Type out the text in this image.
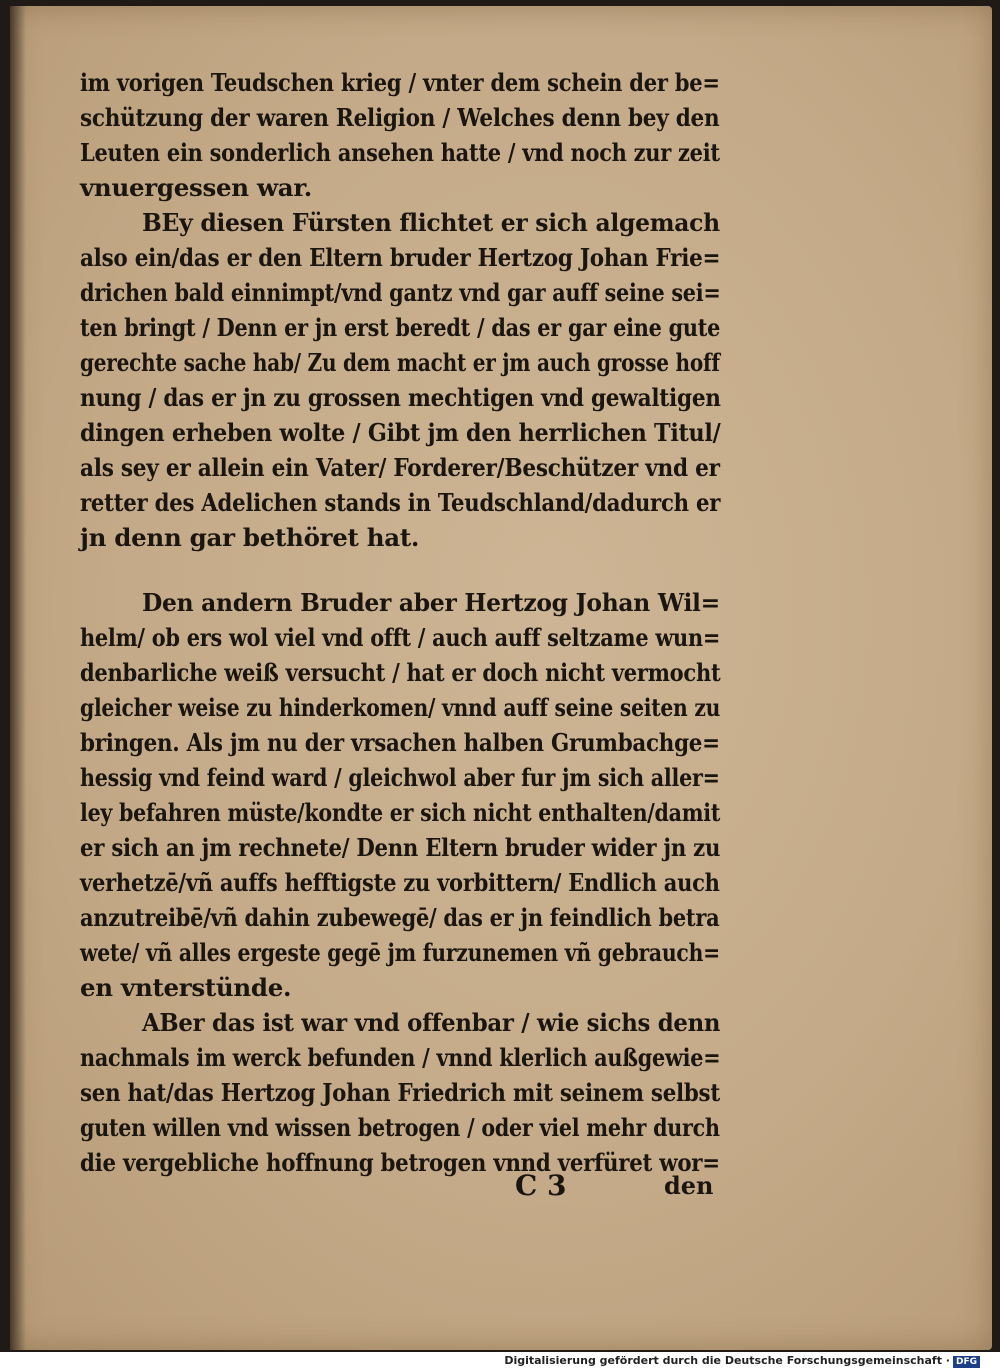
im vorigen Teudschen krieg / vnter dem schein der be=
schützung der waren Religion / Welches denn bey den
Leuten ein sonderlich ansehen hatte / vnd noch zur zeit
vnuergessen war.
BEy diesen Fürsten flichtet er sich algemach
also ein/das er den Eltern bruder Hertzog Johan Frie=
drichen bald einnimpt/vnd gantz vnd gar auff seine sei=
ten bringt / Denn er jn erst beredt / das er gar eine gute
gerechte sache hab/ Zu dem macht er jm auch grosse hoff
nung / das er jn zu grossen mechtigen vnd gewaltigen
dingen erheben wolte / Gibt jm den herrlichen Titul/
als sey er allein ein Vater/ Forderer/Beschützer vnd er
retter des Adelichen stands in Teudschland/dadurch er
jn denn gar bethöret hat.
Den andern Bruder aber Hertzog Johan Wil=
helm/ ob ers wol viel vnd offt / auch auff seltzame wun=
denbarliche weiß versucht / hat er doch nicht vermocht
gleicher weise zu hinderkomen/ vnnd auff seine seiten zu
bringen. Als jm nu der vrsachen halben Grumbachge=
hessig vnd feind ward / gleichwol aber fur jm sich aller=
ley befahren müste/kondte er sich nicht enthalten/damit
er sich an jm rechnete/ Denn Eltern bruder wider jn zu
verhetzē/vñ auffs hefftigste zu vorbittern/ Endlich auch
anzutreibē/vñ dahin zubewegē/ das er jn feindlich betra
wete/ vñ alles ergeste gegē jm furzunemen vñ gebrauch=
en vnterstünde.
ABer das ist war vnd offenbar / wie sichs denn
nachmals im werck befunden / vnnd klerlich außgewie=
sen hat/das Hertzog Johan Friedrich mit seinem selbst
guten willen vnd wissen betrogen / oder viel mehr durch
die vergebliche hoffnung betrogen vnnd verfüret wor=
C 3	den
Digitalisierung gefördert durch die Deutsche Forschungsgemeinschaft · DFG
